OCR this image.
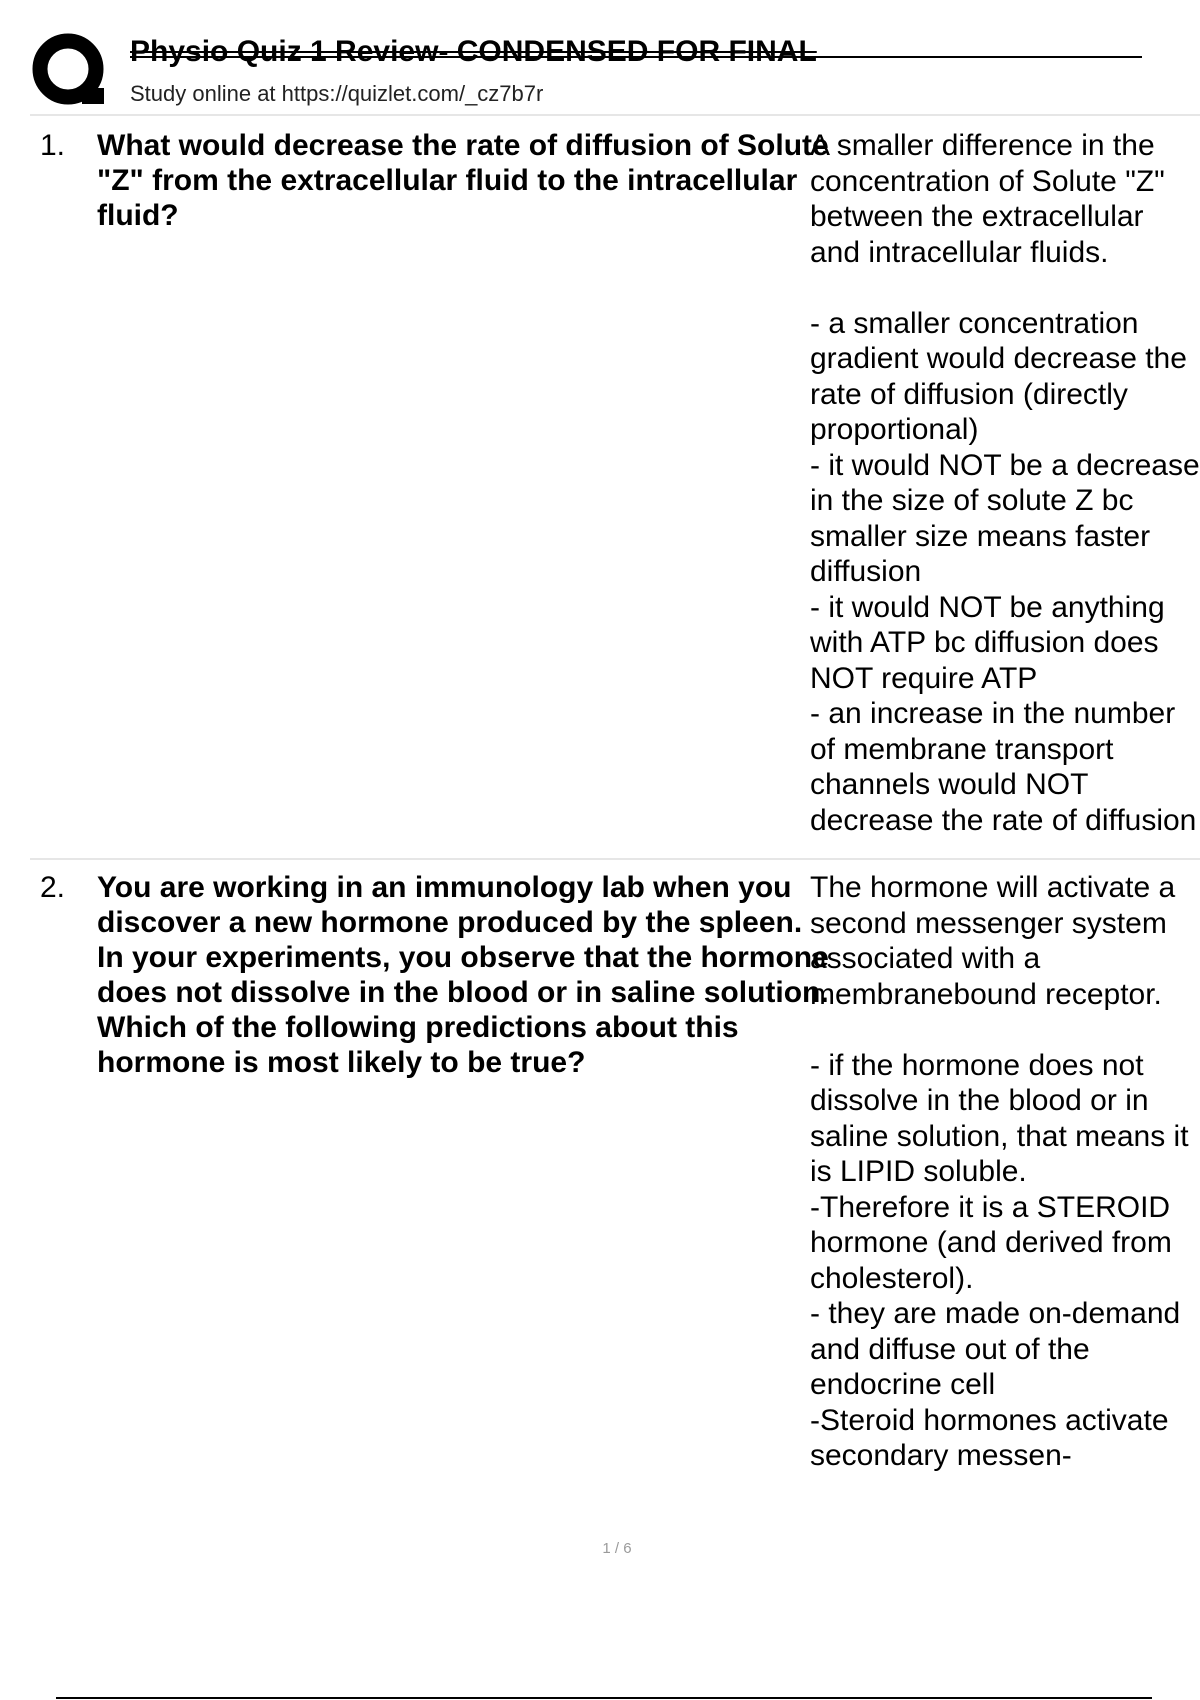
Physio Quiz 1 Review- CONDENSED FOR FINAL
Study online at https://quizlet.com/_cz7b7r
1. What would decrease the rate of diffusion of Solute "Z" from the extracellular fluid to the intracellular fluid?

A smaller difference in the concentration of Solute "Z" between the extracellular and intracellular fluids.

- a smaller concentration gradient would decrease the rate of diffusion (directly proportional)

- it would NOT be a decrease in the size of solute Z bc smaller size means faster diffusion

- it would NOT be anything with ATP bc diffusion does NOT require ATP

- an increase in the number of membrane transport channels would NOT decrease the rate of diffusion

2. You are working in an immunology lab when you discover a new hormone produced by the spleen. In your experiments, you observe that the hormone does not dissolve in the blood or in saline solution. Which of the following predictions about this hormone is most likely to be true?

The hormone will activate a second messenger system associated with a membranebound receptor.

- if the hormone does not dissolve in the blood or in saline solution, that means it is LIPID soluble.

-Therefore it is a STEROID hormone (and derived from cholesterol).

- they are made on-demand and diffuse out of the endocrine cell

-Steroid hormones activate secondary messen-

1 / 6
